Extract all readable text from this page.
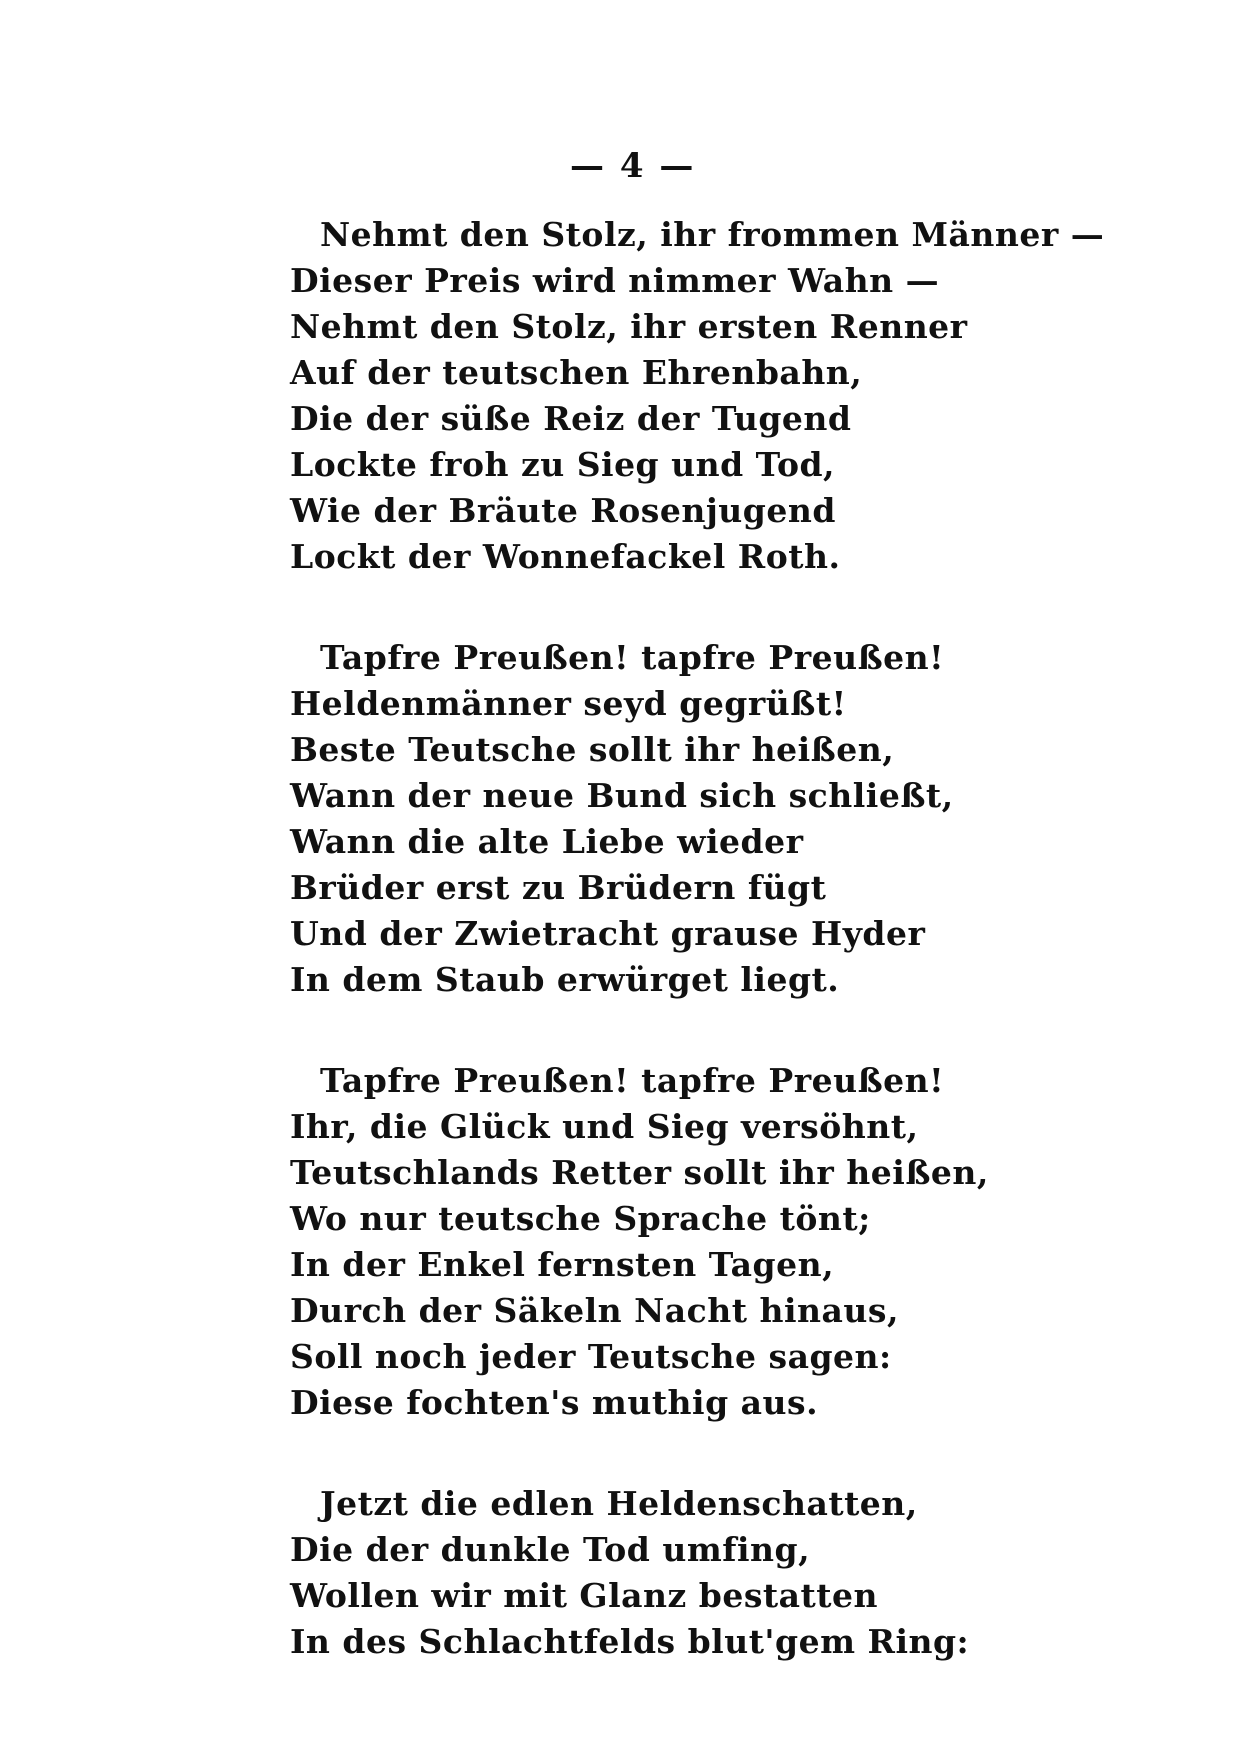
— 4 —
Nehmt den Stolz, ihr frommen Männer —
Dieser Preis wird nimmer Wahn —
Nehmt den Stolz, ihr ersten Renner
Auf der teutschen Ehrenbahn,
Die der süße Reiz der Tugend
Lockte froh zu Sieg und Tod,
Wie der Bräute Rosenjugend
Lockt der Wonnefackel Roth.
Tapfre Preußen! tapfre Preußen!
Heldenmänner seyd gegrüßt!
Beste Teutsche sollt ihr heißen,
Wann der neue Bund sich schließt,
Wann die alte Liebe wieder
Brüder erst zu Brüdern fügt
Und der Zwietracht grause Hyder
In dem Staub erwürget liegt.
Tapfre Preußen! tapfre Preußen!
Ihr, die Glück und Sieg versöhnt,
Teutschlands Retter sollt ihr heißen,
Wo nur teutsche Sprache tönt;
In der Enkel fernsten Tagen,
Durch der Säkeln Nacht hinaus,
Soll noch jeder Teutsche sagen:
Diese fochten's muthig aus.
Jetzt die edlen Heldenschatten,
Die der dunkle Tod umfing,
Wollen wir mit Glanz bestatten
In des Schlachtfelds blut'gem Ring:
